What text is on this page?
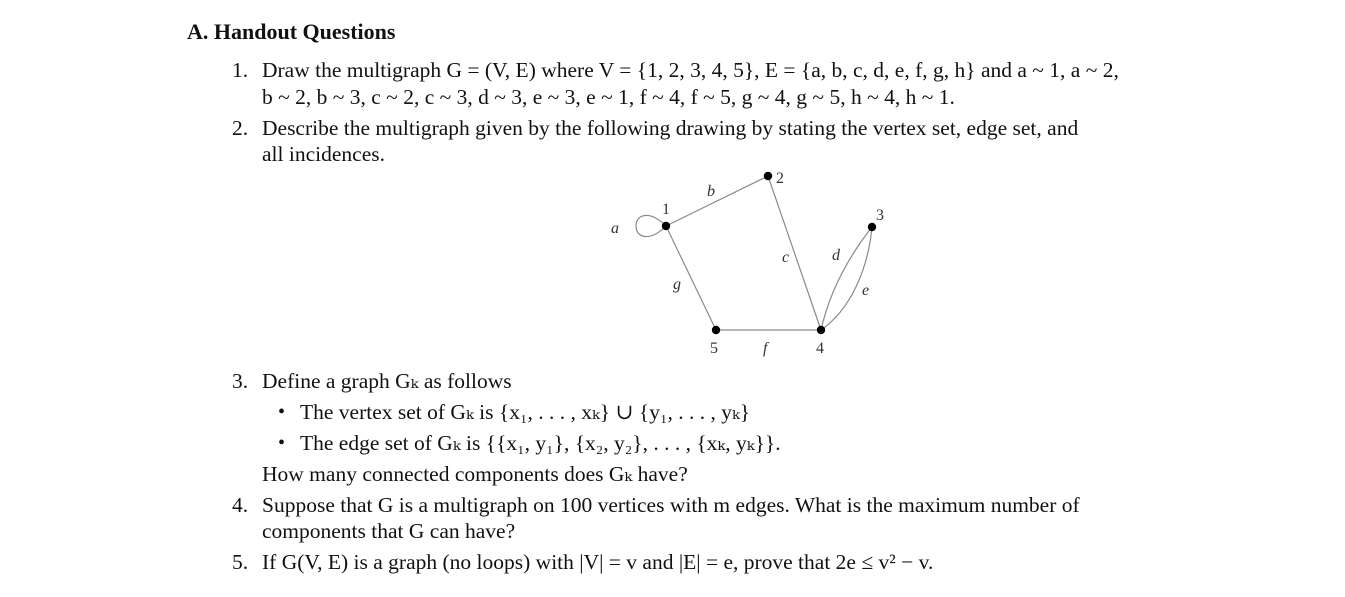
A. Handout Questions
1. Draw the multigraph G = (V, E) where V = {1, 2, 3, 4, 5}, E = {a, b, c, d, e, f, g, h} and a ~ 1, a ~ 2,
b ~ 2, b ~ 3, c ~ 2, c ~ 3, d ~ 3, e ~ 3, e ~ 1, f ~ 4, f ~ 5, g ~ 4, g ~ 5, h ~ 4, h ~ 1.
2. Describe the multigraph given by the following drawing by stating the vertex set, edge set, and
all incidences.
1
2
3
4
5
a
b
c	d
e
f
g
3. Define a graph Gₖ as follows
• The vertex set of Gₖ is {x₁, . . . , xₖ} ∪ {y₁, . . . , yₖ}
• The edge set of Gₖ is {{x₁, y₁}, {x₂, y₂}, . . . , {xₖ, yₖ}}.
How many connected components does Gₖ have?
4. Suppose that G is a multigraph on 100 vertices with m edges. What is the maximum number of
components that G can have?
5. If G(V, E) is a graph (no loops) with |V| = v and |E| = e, prove that 2e ≤ v² − v.
